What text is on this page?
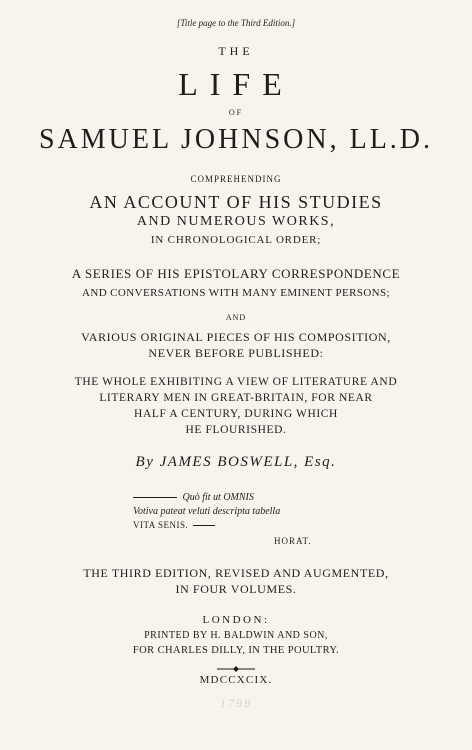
[Title page to the Third Edition.]
THE
LIFE
OF
SAMUEL JOHNSON, LL.D.
COMPREHENDING
AN ACCOUNT OF HIS STUDIES
AND NUMEROUS WORKS,
IN CHRONOLOGICAL ORDER;
A SERIES OF HIS EPISTOLARY CORRESPONDENCE
AND CONVERSATIONS WITH MANY EMINENT PERSONS;
AND
VARIOUS ORIGINAL PIECES OF HIS COMPOSITION,
NEVER BEFORE PUBLISHED:
THE WHOLE EXHIBITING A VIEW OF LITERATURE AND
LITERARY MEN IN GREAT-BRITAIN, FOR NEAR
HALF A CENTURY, DURING WHICH
HE FLOURISHED.
By JAMES BOSWELL, Esq.
Quò fit ut OMNIS
Votiva pateat veluti descripta tabella
VITA SENIS.
HORAT.
THE THIRD EDITION, REVISED AND AUGMENTED,
IN FOUR VOLUMES.
LONDON:
PRINTED BY H. BALDWIN AND SON,
FOR CHARLES DILLY, IN THE POULTRY.
MDCCXCIX.
1799
